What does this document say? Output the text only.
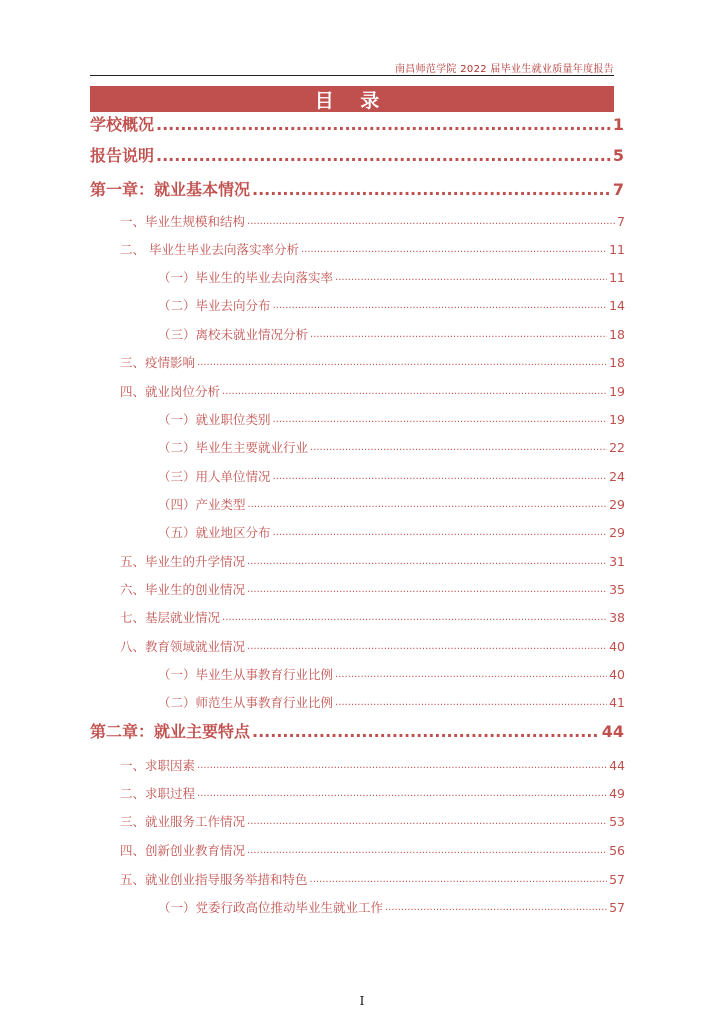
南昌师范学院 2022 届毕业生就业质量年度报告
目 录
学校概况 .....	1
报告说明 .....	5
第一章：就业基本情况 .....	7
一、毕业生规模和结构 .....	7
二、 毕业生毕业去向落实率分析 .....	11
（一）毕业生的毕业去向落实率 .....	11
（二）毕业去向分布 .....	14
（三）离校未就业情况分析 .....	18
三、疫情影响 .....	18
四、就业岗位分析 .....	19
（一）就业职位类别 .....	19
（二）毕业生主要就业行业 .....	22
（三）用人单位情况 .....	24
（四）产业类型 .....	29
（五）就业地区分布 .....	29
五、毕业生的升学情况 .....	31
六、毕业生的创业情况 .....	35
七、基层就业情况 .....	38
八、教育领域就业情况 .....	40
（一）毕业生从事教育行业比例 .....	40
（二）师范生从事教育行业比例 .....	41
第二章：就业主要特点 .....	44
一、求职因素 .....	44
二、求职过程 .....	49
三、就业服务工作情况 .....	53
四、创新创业教育情况 .....	56
五、就业创业指导服务举措和特色 .....	57
（一）党委行政高位推动毕业生就业工作 .....	57
I
